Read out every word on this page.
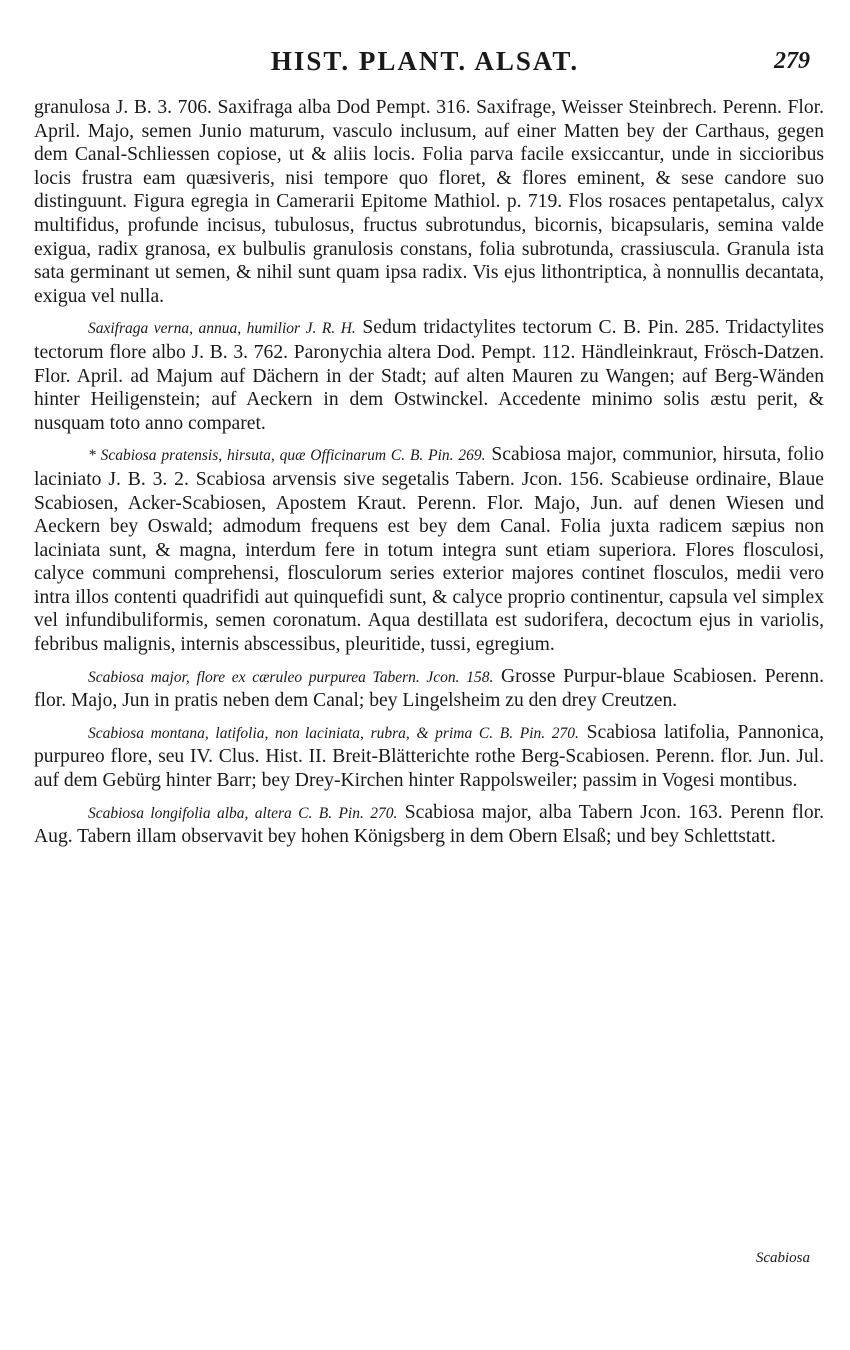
HIST. PLANT. ALSAT.	279

granulosa J. B. 3. 706. Saxifraga alba Dod Pempt. 316. Saxifrage, Weisser Steinbrech. Perenn. Flor. April. Majo, semen Junio maturum, vasculo inclusum, auf einer Matten bey der Carthaus, gegen dem Canal-Schliessen copiose, ut & aliis locis. Folia parva facile exsiccantur, unde in siccioribus locis frustra eam quæsiveris, nisi tempore quo floret, & flores eminent, & sese candore suo distinguunt. Figura egregia in Camerarii Epitome Mathiol. p. 719. Flos rosaces pentapetalus, calyx multifidus, profunde incisus, tubulosus, fructus subrotundus, bicornis, bicapsularis, semina valde exigua, radix granosa, ex bulbulis granulosis constans, folia subrotunda, crassiuscula. Granula ista sata germinant ut semen, & nihil sunt quam ipsa radix. Vis ejus lithontriptica, à nonnullis decantata, exigua vel nulla.

Saxifraga verna, annua, humilior J. R. H. Sedum tridactylites tectorum C. B. Pin. 285. Tridactylites tectorum flore albo J. B. 3. 762. Paronychia altera Dod. Pempt. 112. Händleinkraut, Frösch-Datzen. Flor. April. ad Majum auf Dächern in der Stadt; auf alten Mauren zu Wangen; auf Berg-Wänden hinter Heiligenstein; auf Aeckern in dem Ostwinckel. Accedente minimo solis æstu perit, & nusquam toto anno comparet.

* Scabiosa pratensis, hirsuta, quæ Officinarum C. B. Pin. 269. Scabiosa major, communior, hirsuta, folio laciniato J. B. 3. 2. Scabiosa arvensis sive segetalis Tabern. Jcon. 156. Scabieuse ordinaire, Blaue Scabiosen, Acker-Scabiosen, Apostem Kraut. Perenn. Flor. Majo, Jun. auf denen Wiesen und Aeckern bey Oswald; admodum frequens est bey dem Canal. Folia juxta radicem sæpius non laciniata sunt, & magna, interdum fere in totum integra sunt etiam superiora. Flores flosculosi, calyce communi comprehensi, flosculorum series exterior majores continet flosculos, medii vero intra illos contenti quadrifidi aut quinquefidi sunt, & calyce proprio continentur, capsula vel simplex vel infundibuliformis, semen coronatum. Aqua destillata est sudorifera, decoctum ejus in variolis, febribus malignis, internis abscessibus, pleuritide, tussi, egregium.

Scabiosa major, flore ex cæruleo purpurea Tabern. Jcon. 158. Grosse Purpur-blaue Scabiosen. Perenn. flor. Majo, Jun in pratis neben dem Canal; bey Lingelsheim zu den drey Creutzen.

Scabiosa montana, latifolia, non laciniata, rubra, & prima C. B. Pin. 270. Scabiosa latifolia, Pannonica, purpureo flore, seu IV. Clus. Hist. II. Breit-Blätterichte rothe Berg-Scabiosen. Perenn. flor. Jun. Jul. auf dem Gebürg hinter Barr; bey Drey-Kirchen hinter Rappolsweiler; passim in Vogesi montibus.

Scabiosa longifolia alba, altera C. B. Pin. 270. Scabiosa major, alba Tabern Jcon. 163. Perenn flor. Aug. Tabern illam observavit bey hohen Königsberg in dem Obern Elsaß; und bey Schlettstatt.

Scabiosa
